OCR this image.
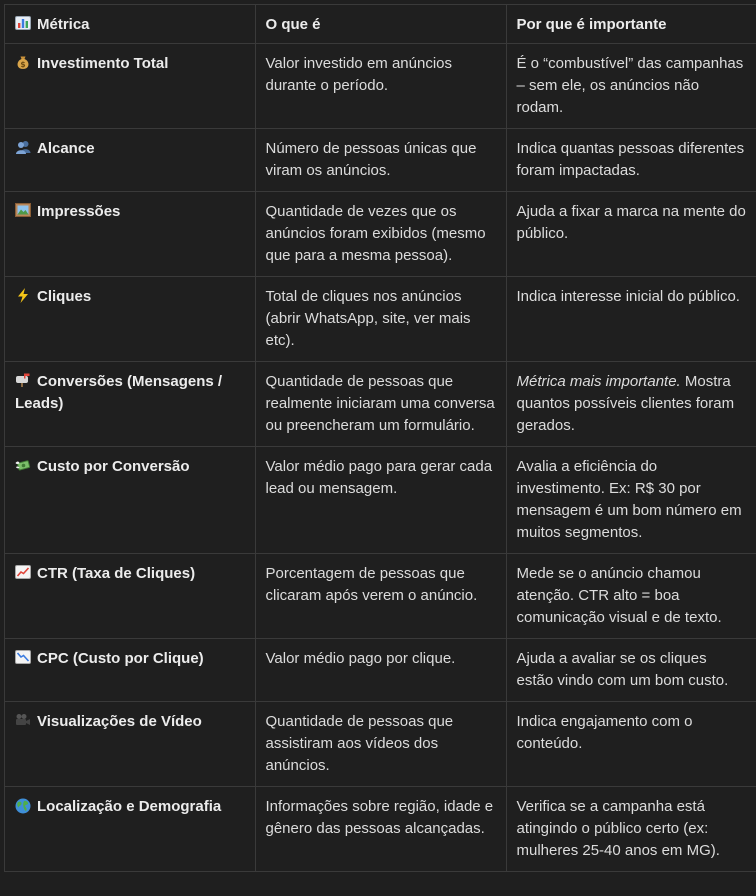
Métrica	O que é	Por que é importante

$ Investimento Total	Valor investido em anúncios durante o período.	É o “combustível” das campanhas – sem ele, os anúncios não rodam.

Alcance	Número de pessoas únicas que viram os anúncios.	Indica quantas pessoas diferentes foram impactadas.

Impressões	Quantidade de vezes que os anúncios foram exibidos (mesmo que para a mesma pessoa).	Ajuda a fixar a marca na mente do público.

Cliques	Total de cliques nos anúncios (abrir WhatsApp, site, ver mais etc).	Indica interesse inicial do público.

Conversões (Mensagens / Leads)	Quantidade de pessoas que realmente iniciaram uma conversa ou preencheram um formulário.	Métrica mais importante. Mostra quantos possíveis clientes foram gerados.

Custo por Conversão	Valor médio pago para gerar cada lead ou mensagem.	Avalia a eficiência do investimento. Ex: R$ 30 por mensagem é um bom número em muitos segmentos.

CTR (Taxa de Cliques)	Porcentagem de pessoas que clicaram após verem o anúncio.	Mede se o anúncio chamou atenção. CTR alto = boa comunicação visual e de texto.

CPC (Custo por Clique)	Valor médio pago por clique.	Ajuda a avaliar se os cliques estão vindo com um bom custo.

Visualizações de Vídeo	Quantidade de pessoas que assistiram aos vídeos dos anúncios.	Indica engajamento com o conteúdo.

Localização e Demografia	Informações sobre região, idade e gênero das pessoas alcançadas.	Verifica se a campanha está atingindo o público certo (ex: mulheres 25-40 anos em MG).
